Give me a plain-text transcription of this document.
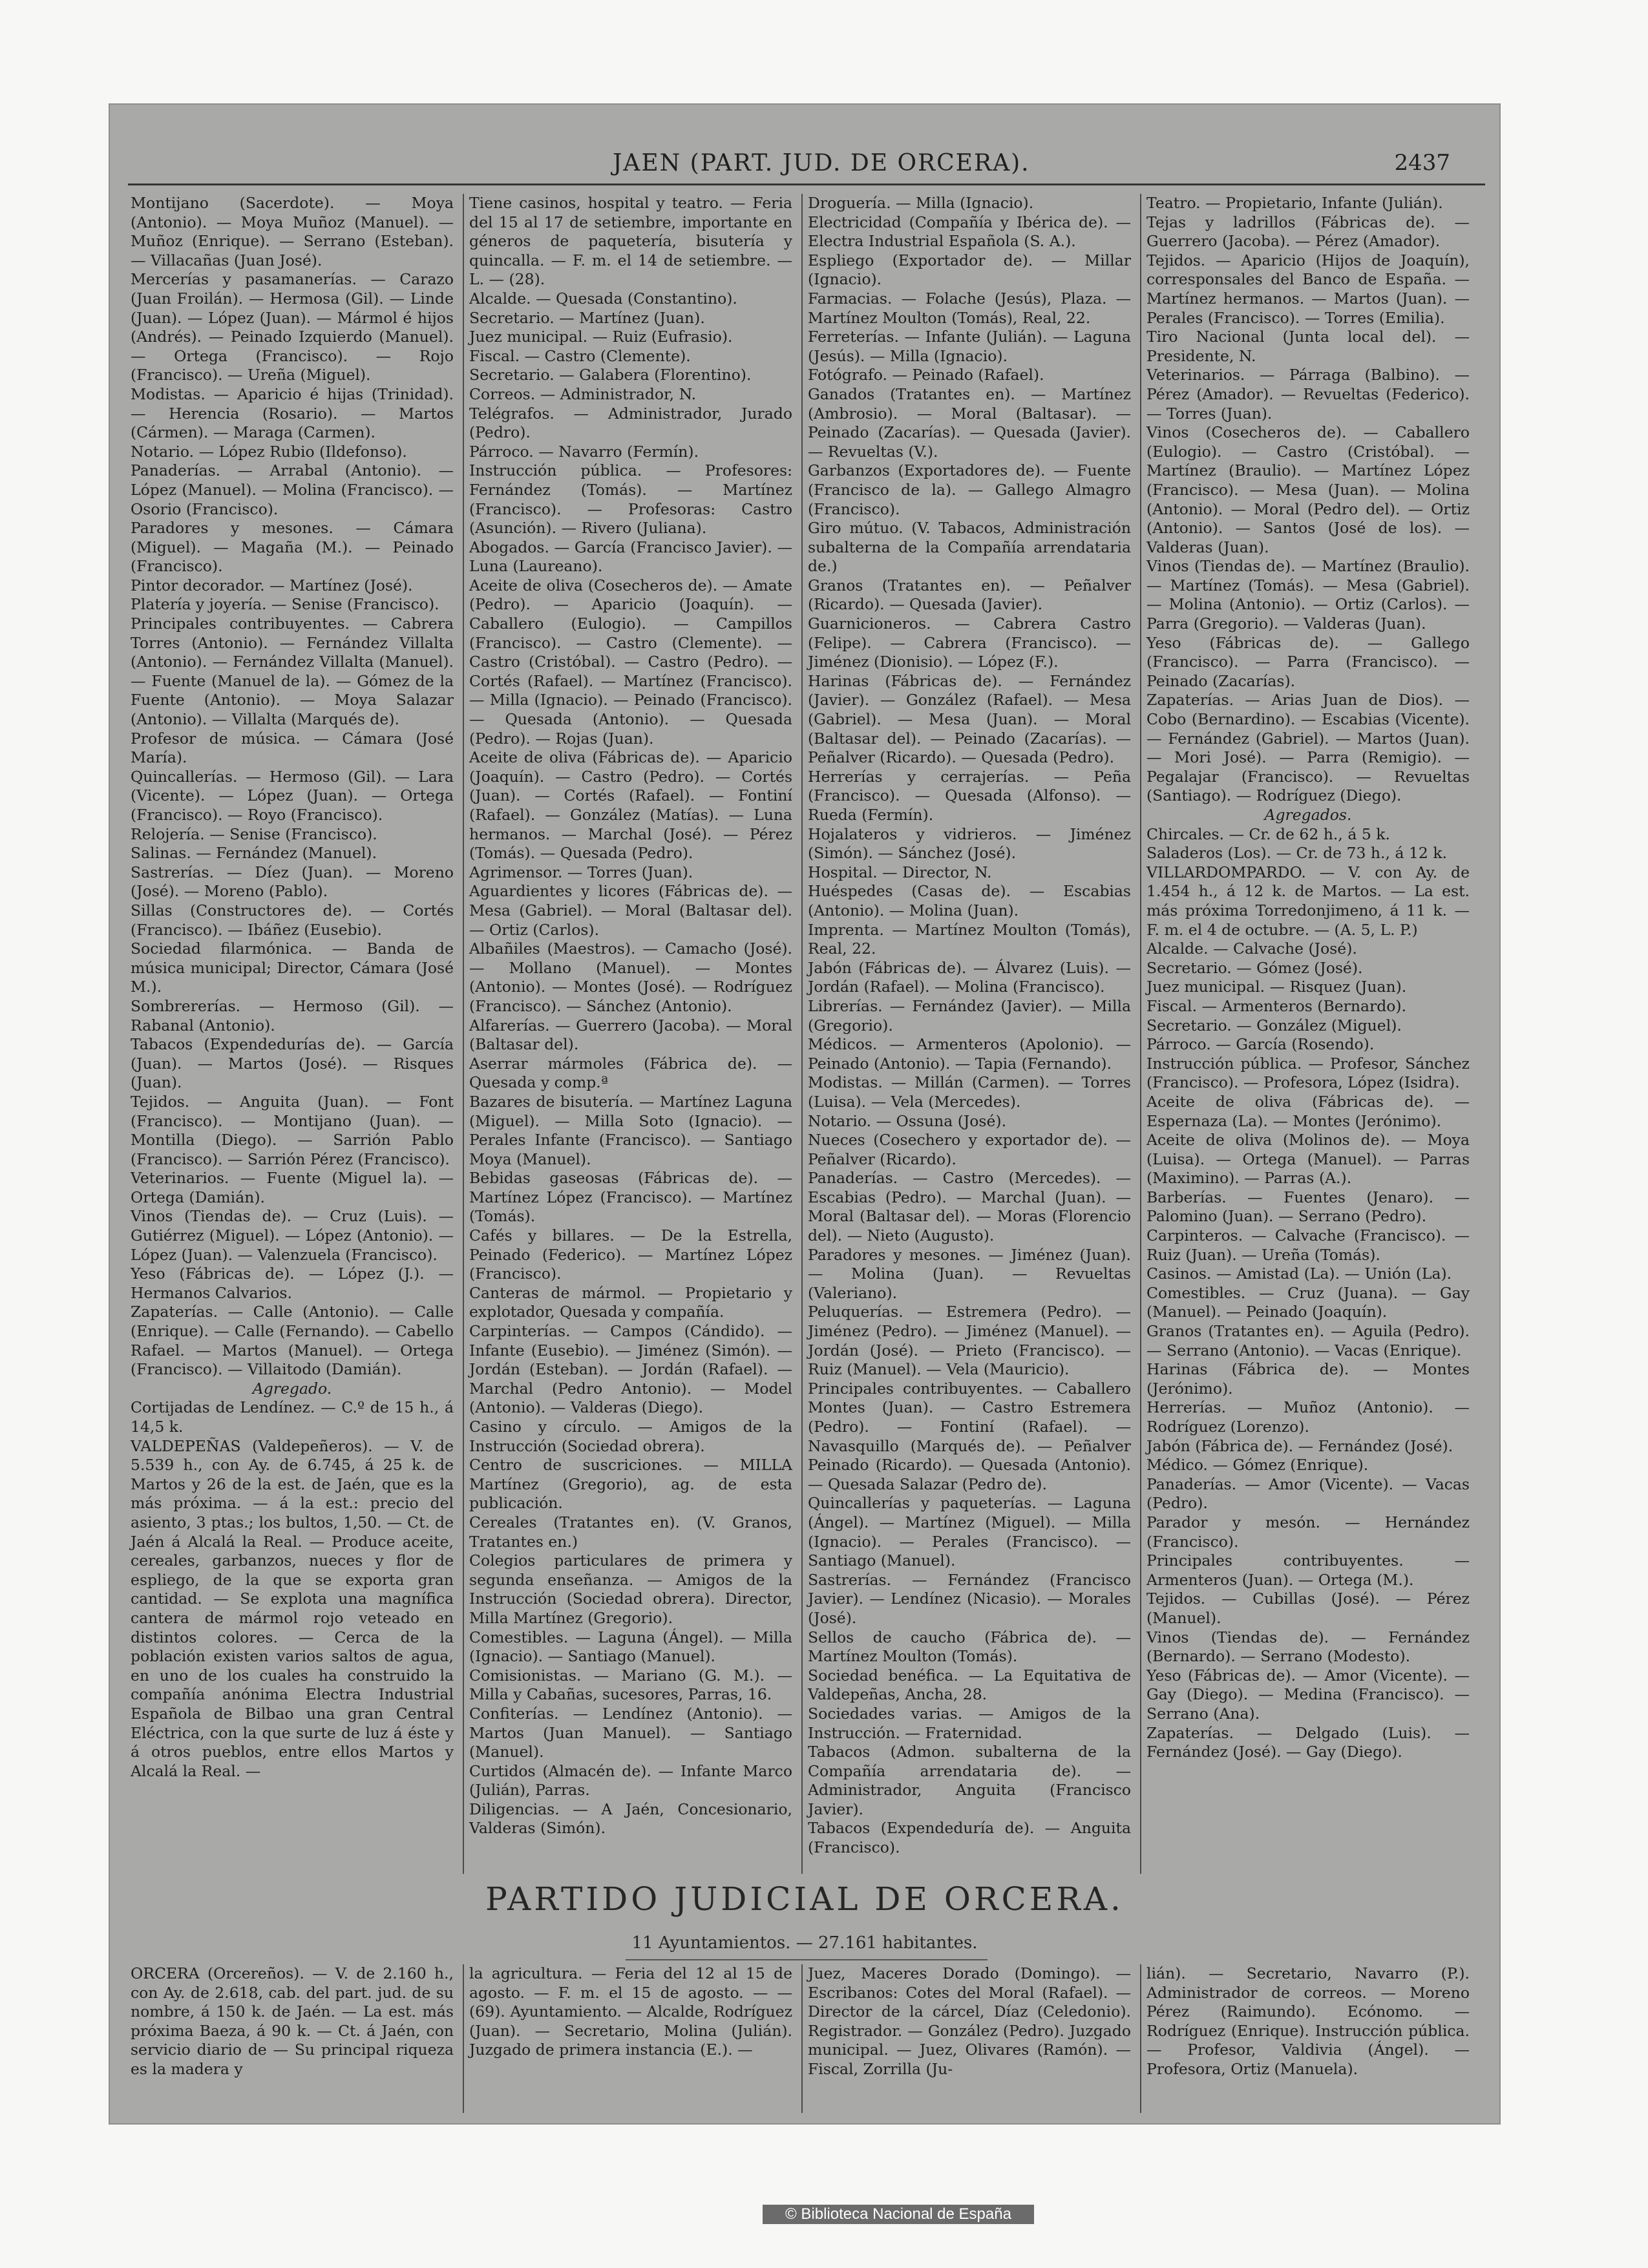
JAEN (PART. JUD. DE ORCERA).	2437

Montijano (Sacerdote). — Moya (Antonio). — Moya Muñoz (Manuel). — Muñoz (Enrique). — Serrano (Esteban). — Villacañas (Juan José).

Mercerías y pasamanerías. — Carazo (Juan Froilán). — Hermosa (Gil). — Linde (Juan). — López (Juan). — Mármol é hijos (Andrés). — Peinado Izquierdo (Manuel). — Ortega (Francisco). — Rojo (Francisco). — Ureña (Miguel).

Modistas. — Aparicio é hijas (Trinidad). — Herencia (Rosario). — Martos (Cármen). — Maraga (Carmen).

Notario. — López Rubio (Ildefonso).

Panaderías. — Arrabal (Antonio). — López (Manuel). — Molina (Francisco). — Osorio (Francisco).

Paradores y mesones. — Cámara (Miguel). — Magaña (M.). — Peinado (Francisco).

Pintor decorador. — Martínez (José).

Platería y joyería. — Senise (Francisco).

Principales contribuyentes. — Cabrera Torres (Antonio). — Fernández Villalta (Antonio). — Fernández Villalta (Manuel). — Fuente (Manuel de la). — Gómez de la Fuente (Antonio). — Moya Salazar (Antonio). — Villalta (Marqués de).

Profesor de música. — Cámara (José María).

Quincallerías. — Hermoso (Gil). — Lara (Vicente). — López (Juan). — Ortega (Francisco). — Royo (Francisco).

Relojería. — Senise (Francisco).

Salinas. — Fernández (Manuel).

Sastrerías. — Díez (Juan). — Moreno (José). — Moreno (Pablo).

Sillas (Constructores de). — Cortés (Francisco). — Ibáñez (Eusebio).

Sociedad filarmónica. — Banda de música municipal; Director, Cámara (José M.).

Sombrererías. — Hermoso (Gil). — Rabanal (Antonio).

Tabacos (Expendedurías de). — García (Juan). — Martos (José). — Risques (Juan).

Tejidos. — Anguita (Juan). — Font (Francisco). — Montijano (Juan). — Montilla (Diego). — Sarrión Pablo (Francisco). — Sarrión Pérez (Francisco).

Veterinarios. — Fuente (Miguel la). — Ortega (Damián).

Vinos (Tiendas de). — Cruz (Luis). — Gutiérrez (Miguel). — López (Antonio). — López (Juan). — Valenzuela (Francisco).

Yeso (Fábricas de). — López (J.). — Hermanos Calvarios.

Zapaterías. — Calle (Antonio). — Calle (Enrique). — Calle (Fernando). — Cabello Rafael. — Martos (Manuel). — Ortega (Francisco). — Villaitodo (Damián).

Agregado.

Cortijadas de Lendínez. — C.º de 15 h., á 14,5 k.

VALDEPEÑAS (Valdepeñeros). — V. de 5.539 h., con Ay. de 6.745, á 25 k. de Martos y 26 de la est. de Jaén, que es la más próxima. — á la est.: precio del asiento, 3 ptas.; los bultos, 1,50. — Ct. de Jaén á Alcalá la Real. — Produce aceite, cereales, garbanzos, nueces y flor de espliego, de la que se exporta gran cantidad. — Se explota una magnífica cantera de mármol rojo veteado en distintos colores. — Cerca de la población existen varios saltos de agua, en uno de los cuales ha construido la compañía anónima Electra Industrial Española de Bilbao una gran Central Eléctrica, con la que surte de luz á éste y á otros pueblos, entre ellos Martos y Alcalá la Real. —

Tiene casinos, hospital y teatro. — Feria del 15 al 17 de setiembre, importante en géneros de paquetería, bisutería y quincalla. — F. m. el 14 de setiembre. — L. — (28).

Alcalde. — Quesada (Constantino).

Secretario. — Martínez (Juan).

Juez municipal. — Ruiz (Eufrasio).

Fiscal. — Castro (Clemente).

Secretario. — Galabera (Florentino).

Correos. — Administrador, N.

Telégrafos. — Administrador, Jurado (Pedro).

Párroco. — Navarro (Fermín).

Instrucción pública. — Profesores: Fernández (Tomás). — Martínez (Francisco). — Profesoras: Castro (Asunción). — Rivero (Juliana).

Abogados. — García (Francisco Javier). — Luna (Laureano).

Aceite de oliva (Cosecheros de). — Amate (Pedro). — Aparicio (Joaquín). — Caballero (Eulogio). — Campillos (Francisco). — Castro (Clemente). — Castro (Cristóbal). — Castro (Pedro). — Cortés (Rafael). — Martínez (Francisco). — Milla (Ignacio). — Peinado (Francisco). — Quesada (Antonio). — Quesada (Pedro). — Rojas (Juan).

Aceite de oliva (Fábricas de). — Aparicio (Joaquín). — Castro (Pedro). — Cortés (Juan). — Cortés (Rafael). — Fontiní (Rafael). — González (Matías). — Luna hermanos. — Marchal (José). — Pérez (Tomás). — Quesada (Pedro).

Agrimensor. — Torres (Juan).

Aguardientes y licores (Fábricas de). — Mesa (Gabriel). — Moral (Baltasar del). — Ortiz (Carlos).

Albañiles (Maestros). — Camacho (José). — Mollano (Manuel). — Montes (Antonio). — Montes (José). — Rodríguez (Francisco). — Sánchez (Antonio).

Alfarerías. — Guerrero (Jacoba). — Moral (Baltasar del).

Aserrar mármoles (Fábrica de). — Quesada y comp.ª

Bazares de bisutería. — Martínez Laguna (Miguel). — Milla Soto (Ignacio). — Perales Infante (Francisco). — Santiago Moya (Manuel).

Bebidas gaseosas (Fábricas de). — Martínez López (Francisco). — Martínez (Tomás).

Cafés y billares. — De la Estrella, Peinado (Federico). — Martínez López (Francisco).

Canteras de mármol. — Propietario y explotador, Quesada y compañía.

Carpinterías. — Campos (Cándido). — Infante (Eusebio). — Jiménez (Simón). — Jordán (Esteban). — Jordán (Rafael). — Marchal (Pedro Antonio). — Model (Antonio). — Valderas (Diego).

Casino y círculo. — Amigos de la Instrucción (Sociedad obrera).

Centro de suscriciones. — MILLA Martínez (Gregorio), ag. de esta publicación.

Cereales (Tratantes en). (V. Granos, Tratantes en.)

Colegios particulares de primera y segunda enseñanza. — Amigos de la Instrucción (Sociedad obrera). Director, Milla Martínez (Gregorio).

Comestibles. — Laguna (Ángel). — Milla (Ignacio). — Santiago (Manuel).

Comisionistas. — Mariano (G. M.). — Milla y Cabañas, sucesores, Parras, 16.

Confiterías. — Lendínez (Antonio). — Martos (Juan Manuel). — Santiago (Manuel).

Curtidos (Almacén de). — Infante Marco (Julián), Parras.

Diligencias. — A Jaén, Concesionario, Valderas (Simón).

Droguería. — Milla (Ignacio).

Electricidad (Compañía y Ibérica de). — Electra Industrial Española (S. A.).

Espliego (Exportador de). — Millar (Ignacio).

Farmacias. — Folache (Jesús), Plaza. — Martínez Moulton (Tomás), Real, 22.

Ferreterías. — Infante (Julián). — Laguna (Jesús). — Milla (Ignacio).

Fotógrafo. — Peinado (Rafael).

Ganados (Tratantes en). — Martínez (Ambrosio). — Moral (Baltasar). — Peinado (Zacarías). — Quesada (Javier). — Revueltas (V.).

Garbanzos (Exportadores de). — Fuente (Francisco de la). — Gallego Almagro (Francisco).

Giro mútuo. (V. Tabacos, Administración subalterna de la Compañía arrendataria de.)

Granos (Tratantes en). — Peñalver (Ricardo). — Quesada (Javier).

Guarnicioneros. — Cabrera Castro (Felipe). — Cabrera (Francisco). — Jiménez (Dionisio). — López (F.).

Harinas (Fábricas de). — Fernández (Javier). — González (Rafael). — Mesa (Gabriel). — Mesa (Juan). — Moral (Baltasar del). — Peinado (Zacarías). — Peñalver (Ricardo). — Quesada (Pedro).

Herrerías y cerrajerías. — Peña (Francisco). — Quesada (Alfonso). — Rueda (Fermín).

Hojalateros y vidrieros. — Jiménez (Simón). — Sánchez (José).

Hospital. — Director, N.

Huéspedes (Casas de). — Escabias (Antonio). — Molina (Juan).

Imprenta. — Martínez Moulton (Tomás), Real, 22.

Jabón (Fábricas de). — Álvarez (Luis). — Jordán (Rafael). — Molina (Francisco).

Librerías. — Fernández (Javier). — Milla (Gregorio).

Médicos. — Armenteros (Apolonio). — Peinado (Antonio). — Tapia (Fernando).

Modistas. — Millán (Carmen). — Torres (Luisa). — Vela (Mercedes).

Notario. — Ossuna (José).

Nueces (Cosechero y exportador de). — Peñalver (Ricardo).

Panaderías. — Castro (Mercedes). — Escabias (Pedro). — Marchal (Juan). — Moral (Baltasar del). — Moras (Florencio del). — Nieto (Augusto).

Paradores y mesones. — Jiménez (Juan). — Molina (Juan). — Revueltas (Valeriano).

Peluquerías. — Estremera (Pedro). — Jiménez (Pedro). — Jiménez (Manuel). — Jordán (José). — Prieto (Francisco). — Ruiz (Manuel). — Vela (Mauricio).

Principales contribuyentes. — Caballero Montes (Juan). — Castro Estremera (Pedro). — Fontiní (Rafael). — Navasquillo (Marqués de). — Peñalver Peinado (Ricardo). — Quesada (Antonio). — Quesada Salazar (Pedro de).

Quincallerías y paqueterías. — Laguna (Ángel). — Martínez (Miguel). — Milla (Ignacio). — Perales (Francisco). — Santiago (Manuel).

Sastrerías. — Fernández (Francisco Javier). — Lendínez (Nicasio). — Morales (José).

Sellos de caucho (Fábrica de). — Martínez Moulton (Tomás).

Sociedad benéfica. — La Equitativa de Valdepeñas, Ancha, 28.

Sociedades varias. — Amigos de la Instrucción. — Fraternidad.

Tabacos (Admon. subalterna de la Compañía arrendataria de). — Administrador, Anguita (Francisco Javier).

Tabacos (Expendeduría de). — Anguita (Francisco).

Teatro. — Propietario, Infante (Julián).

Tejas y ladrillos (Fábricas de). — Guerrero (Jacoba). — Pérez (Amador).

Tejidos. — Aparicio (Hijos de Joaquín), corresponsales del Banco de España. — Martínez hermanos. — Martos (Juan). — Perales (Francisco). — Torres (Emilia).

Tiro Nacional (Junta local del). — Presidente, N.

Veterinarios. — Párraga (Balbino). — Pérez (Amador). — Revueltas (Federico). — Torres (Juan).

Vinos (Cosecheros de). — Caballero (Eulogio). — Castro (Cristóbal). — Martínez (Braulio). — Martínez López (Francisco). — Mesa (Juan). — Molina (Antonio). — Moral (Pedro del). — Ortiz (Antonio). — Santos (José de los). — Valderas (Juan).

Vinos (Tiendas de). — Martínez (Braulio). — Martínez (Tomás). — Mesa (Gabriel). — Molina (Antonio). — Ortiz (Carlos). — Parra (Gregorio). — Valderas (Juan).

Yeso (Fábricas de). — Gallego (Francisco). — Parra (Francisco). — Peinado (Zacarías).

Zapaterías. — Arias Juan de Dios). — Cobo (Bernardino). — Escabias (Vicente). — Fernández (Gabriel). — Martos (Juan). — Mori José). — Parra (Remigio). — Pegalajar (Francisco). — Revueltas (Santiago). — Rodríguez (Diego).

Agregados.

Chircales. — Cr. de 62 h., á 5 k.

Saladeros (Los). — Cr. de 73 h., á 12 k.

VILLARDOMPARDO. — V. con Ay. de 1.454 h., á 12 k. de Martos. — La est. más próxima Torredonjimeno, á 11 k. — F. m. el 4 de octubre. — (A. 5, L. P.)

Alcalde. — Calvache (José).

Secretario. — Gómez (José).

Juez municipal. — Risquez (Juan).

Fiscal. — Armenteros (Bernardo).

Secretario. — González (Miguel).

Párroco. — García (Rosendo).

Instrucción pública. — Profesor, Sánchez (Francisco). — Profesora, López (Isidra).

Aceite de oliva (Fábricas de). — Espernaza (La). — Montes (Jerónimo).

Aceite de oliva (Molinos de). — Moya (Luisa). — Ortega (Manuel). — Parras (Maximino). — Parras (A.).

Barberías. — Fuentes (Jenaro). — Palomino (Juan). — Serrano (Pedro).

Carpinteros. — Calvache (Francisco). — Ruiz (Juan). — Ureña (Tomás).

Casinos. — Amistad (La). — Unión (La).

Comestibles. — Cruz (Juana). — Gay (Manuel). — Peinado (Joaquín).

Granos (Tratantes en). — Aguila (Pedro). — Serrano (Antonio). — Vacas (Enrique).

Harinas (Fábrica de). — Montes (Jerónimo).

Herrerías. — Muñoz (Antonio). — Rodríguez (Lorenzo).

Jabón (Fábrica de). — Fernández (José).

Médico. — Gómez (Enrique).

Panaderías. — Amor (Vicente). — Vacas (Pedro).

Parador y mesón. — Hernández (Francisco).

Principales contribuyentes. — Armenteros (Juan). — Ortega (M.).

Tejidos. — Cubillas (José). — Pérez (Manuel).

Vinos (Tiendas de). — Fernández (Bernardo). — Serrano (Modesto).

Yeso (Fábricas de). — Amor (Vicente). — Gay (Diego). — Medina (Francisco). — Serrano (Ana).

Zapaterías. — Delgado (Luis). — Fernández (José). — Gay (Diego).

PARTIDO JUDICIAL DE ORCERA.
11 Ayuntamientos. — 27.161 habitantes.
ORCERA (Orcereños). — V. de 2.160 h., con Ay. de 2.618, cab. del part. jud. de su nombre, á 150 k. de Jaén. — La est. más próxima Baeza, á 90 k. — Ct. á Jaén, con servicio diario de — Su principal riqueza es la madera y
la agricultura. — Feria del 12 al 15 de agosto. — F. m. el 15 de agosto. — — (69). Ayuntamiento. — Alcalde, Rodríguez (Juan). — Secretario, Molina (Julián). Juzgado de primera instancia (E.). —
Juez, Maceres Dorado (Domingo). — Escribanos: Cotes del Moral (Rafael). — Director de la cárcel, Díaz (Celedonio). Registrador. — González (Pedro). Juzgado municipal. — Juez, Olivares (Ramón). — Fiscal, Zorrilla (Ju-
lián). — Secretario, Navarro (P.). Administrador de correos. — Moreno Pérez (Raimundo). Ecónomo. — Rodríguez (Enrique). Instrucción pública. — Profesor, Valdivia (Ángel). — Profesora, Ortiz (Manuela).
© Biblioteca Nacional de España
